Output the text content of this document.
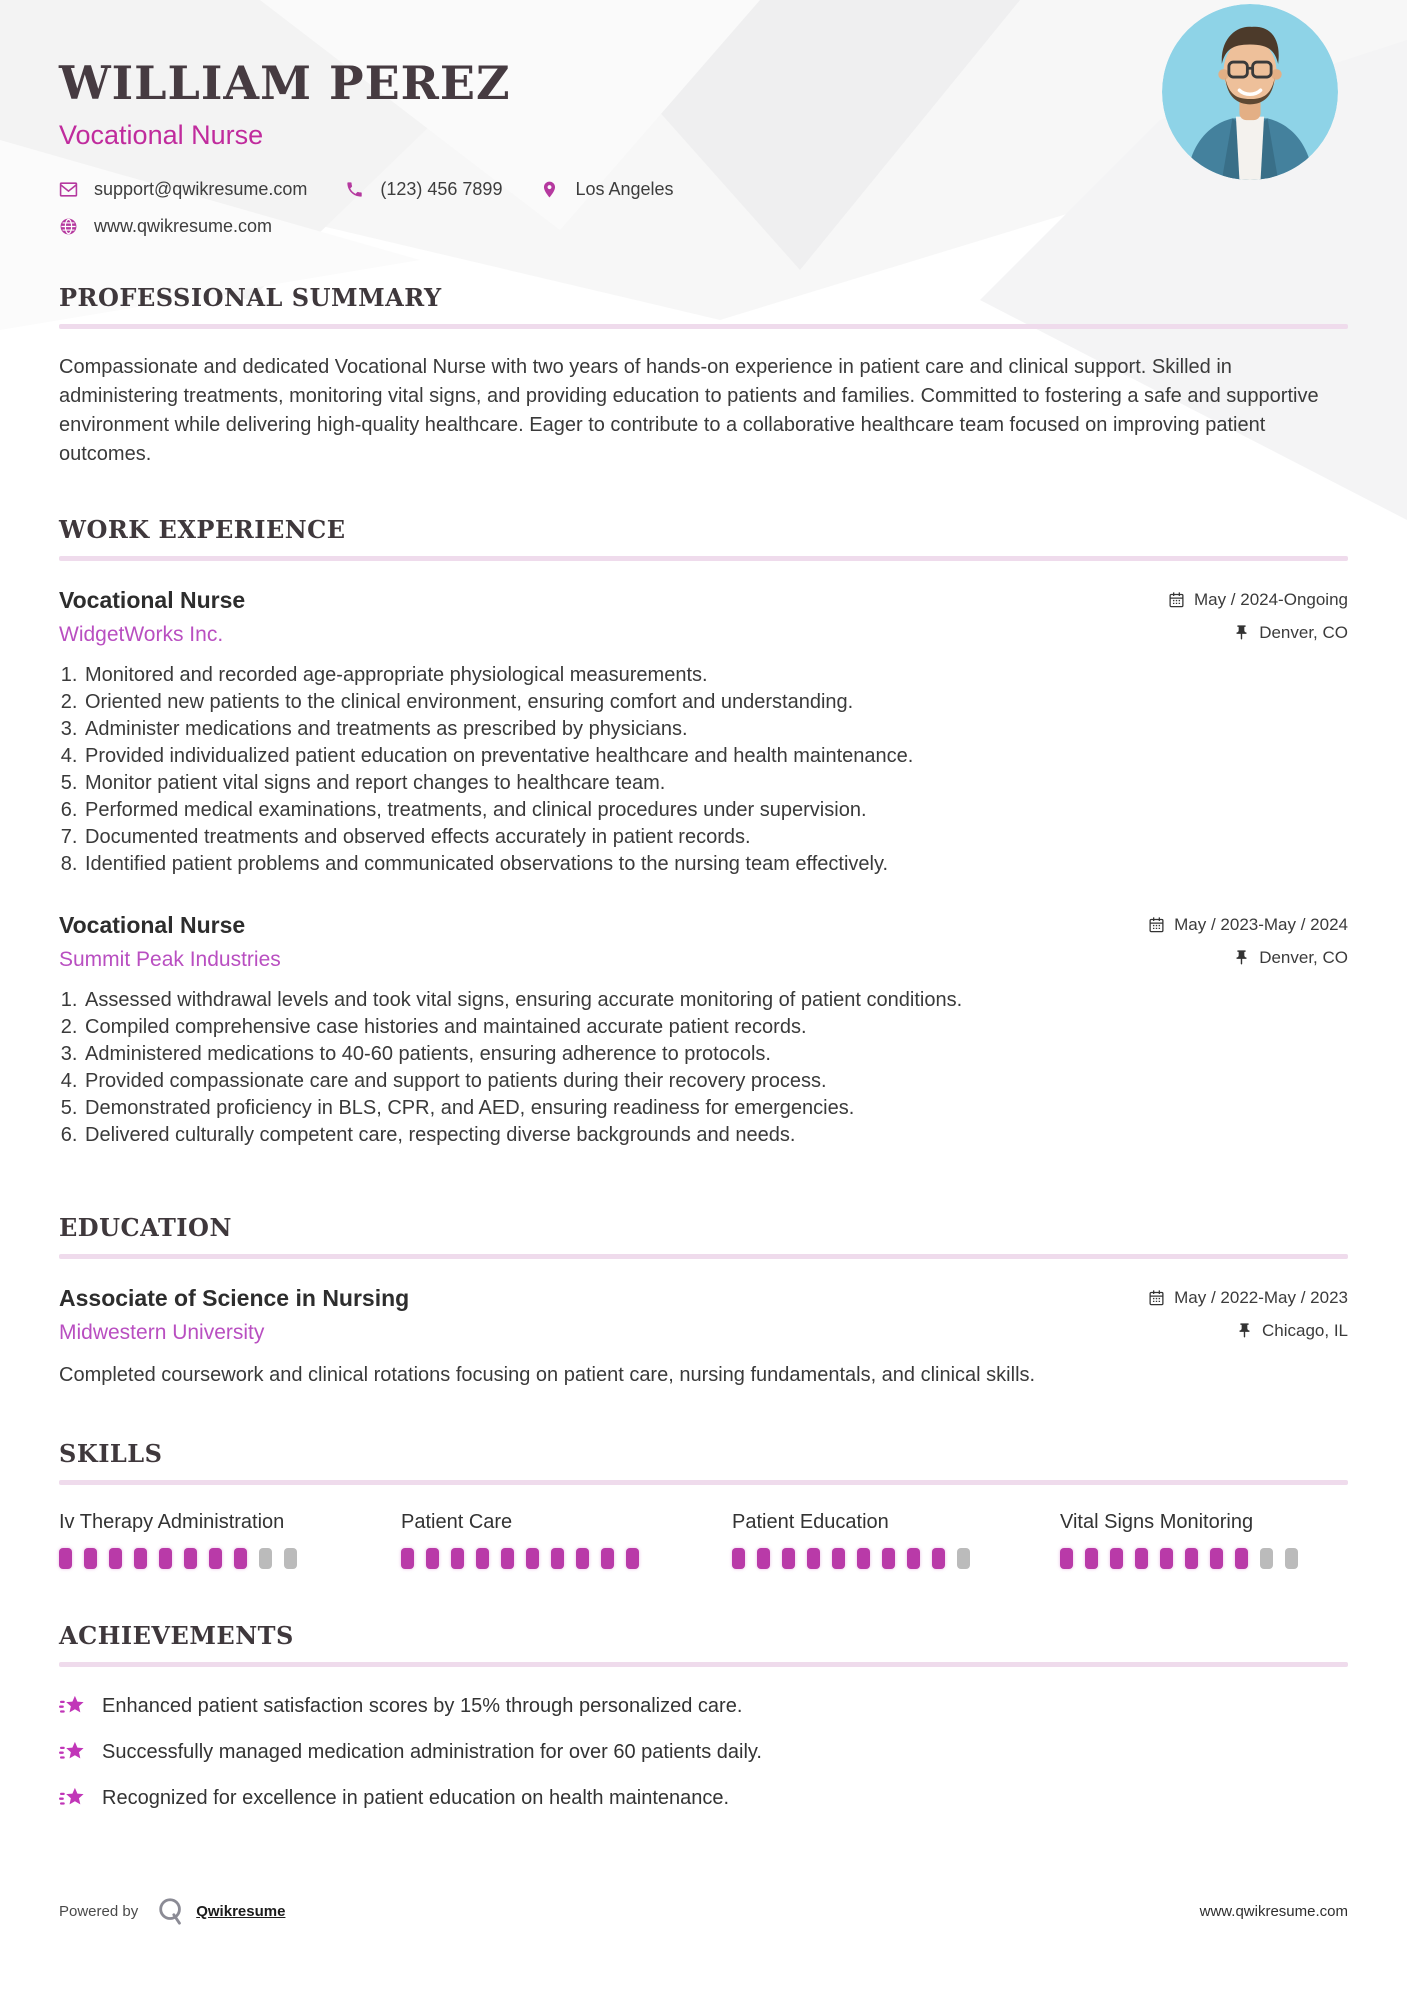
WILLIAM PEREZ
Vocational Nurse
support@qwikresume.com	(123) 456 7899	Los Angeles
www.qwikresume.com
PROFESSIONAL SUMMARY

Compassionate and dedicated Vocational Nurse with two years of hands-on experience in patient care and clinical support. Skilled in administering treatments, monitoring vital signs, and providing education to patients and families. Committed to fostering a safe and supportive environment while delivering high-quality healthcare. Eager to contribute to a collaborative healthcare team focused on improving patient outcomes.

WORK EXPERIENCE
Vocational Nurse	May / 2024-Ongoing
WidgetWorks Inc.	Denver, CO
1. Monitored and recorded age-appropriate physiological measurements.
2. Oriented new patients to the clinical environment, ensuring comfort and understanding.
3. Administer medications and treatments as prescribed by physicians.
4. Provided individualized patient education on preventative healthcare and health maintenance.
5. Monitor patient vital signs and report changes to healthcare team.
6. Performed medical examinations, treatments, and clinical procedures under supervision.
7. Documented treatments and observed effects accurately in patient records.
8. Identified patient problems and communicated observations to the nursing team effectively.
Vocational Nurse	May / 2023-May / 2024
Summit Peak Industries	Denver, CO
1. Assessed withdrawal levels and took vital signs, ensuring accurate monitoring of patient conditions.
2. Compiled comprehensive case histories and maintained accurate patient records.
3. Administered medications to 40-60 patients, ensuring adherence to protocols.
4. Provided compassionate care and support to patients during their recovery process.
5. Demonstrated proficiency in BLS, CPR, and AED, ensuring readiness for emergencies.
6. Delivered culturally competent care, respecting diverse backgrounds and needs.
EDUCATION
Associate of Science in Nursing	May / 2022-May / 2023
Midwestern University	Chicago, IL

Completed coursework and clinical rotations focusing on patient care, nursing fundamentals, and clinical skills.

SKILLS
Iv Therapy Administration	Patient Care	Patient Education	Vital Signs Monitoring
ACHIEVEMENTS
Enhanced patient satisfaction scores by 15% through personalized care.
Successfully managed medication administration for over 60 patients daily.
Recognized for excellence in patient education on health maintenance.
Powered by	Qwikresume	www.qwikresume.com
